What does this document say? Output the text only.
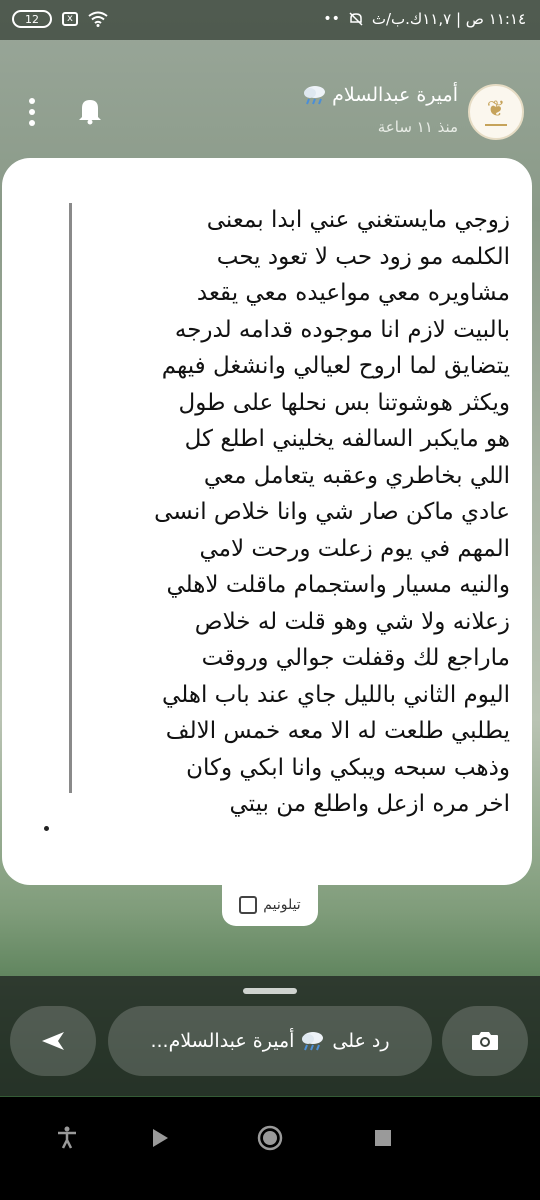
12	x	١١:١٤ ص | ١١,٧ك.ب/ث
••
❦
أميرة عبدالسلام
منذ ١١ ساعة
زوجي مايستغني عني ابدا بمعنى
الكلمه مو زود حب لا تعود يحب
مشاويره معي مواعيده معي يقعد
بالبيت لازم انا موجوده قدامه لدرجه
يتضايق لما اروح لعيالي وانشغل فيهم
ويكثر هوشوتنا بس نحلها على طول
هو مايكبر السالفه يخليني اطلع كل
اللي بخاطري وعقبه يتعامل معي
عادي ماكن صار شي وانا خلاص انسى
المهم في يوم زعلت ورحت لامي
والنيه مسيار واستجمام ماقلت لاهلي
زعلانه ولا شي وهو قلت له خلاص
ماراجع لك وقفلت جوالي وروقت
اليوم الثاني بالليل جاي عند باب اهلي
يطلبي طلعت له الا معه خمس الالف
وذهب سبحه ويبكي وانا ابكي وكان
اخر مره ازعل واطلع من بيتي
تيلونيم
رد على
أميرة عبدالسلام...
